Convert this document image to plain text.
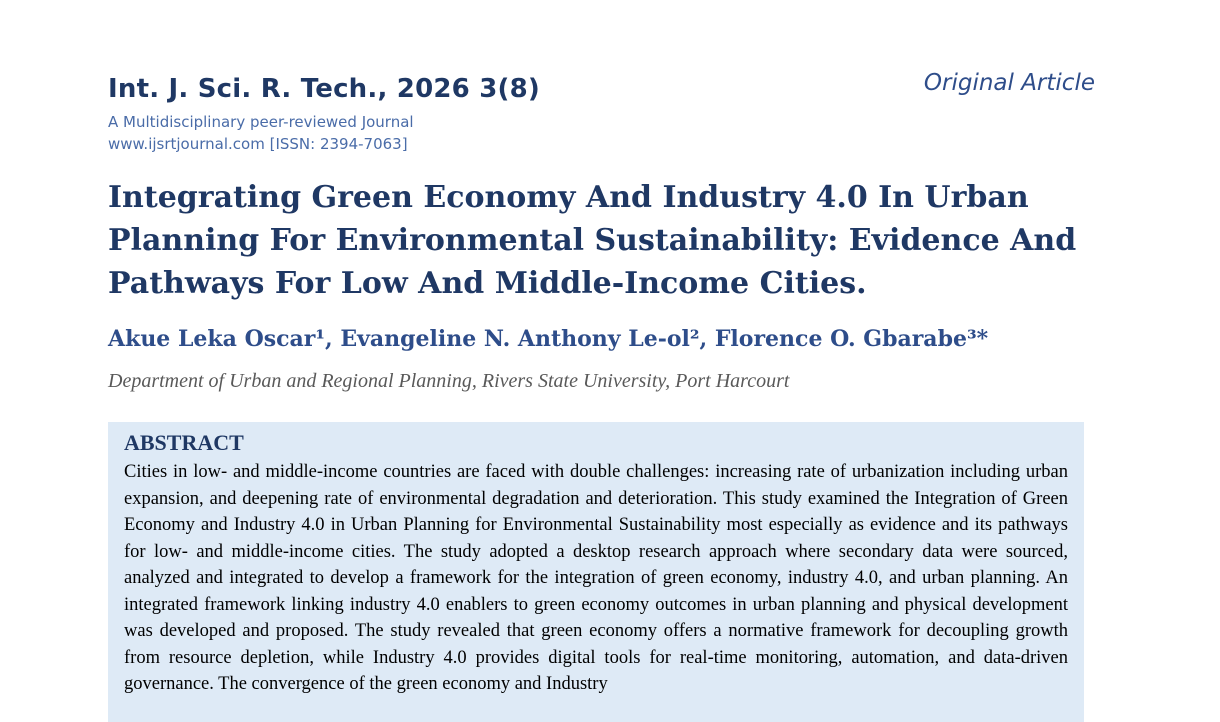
Int. J. Sci. R. Tech., 2026 3(8)	Original Article
A Multidisciplinary peer-reviewed Journal
www.ijsrtjournal.com [ISSN: 2394-7063]
Integrating Green Economy And Industry 4.0 In Urban Planning For Environmental Sustainability: Evidence And Pathways For Low And Middle-Income Cities.
Akue Leka Oscar¹, Evangeline N. Anthony Le-ol², Florence O. Gbarabe³*
Department of Urban and Regional Planning, Rivers State University, Port Harcourt
ABSTRACT

Cities in low- and middle-income countries are faced with double challenges: increasing rate of urbanization including urban expansion, and deepening rate of environmental degradation and deterioration. This study examined the Integration of Green Economy and Industry 4.0 in Urban Planning for Environmental Sustainability most especially as evidence and its pathways for low- and middle-income cities. The study adopted a desktop research approach where secondary data were sourced, analyzed and integrated to develop a framework for the integration of green economy, industry 4.0, and urban planning. An integrated framework linking industry 4.0 enablers to green economy outcomes in urban planning and physical development was developed and proposed. The study revealed that green economy offers a normative framework for decoupling growth from resource depletion, while Industry 4.0 provides digital tools for real-time monitoring, automation, and data-driven governance. The convergence of the green economy and Industry
